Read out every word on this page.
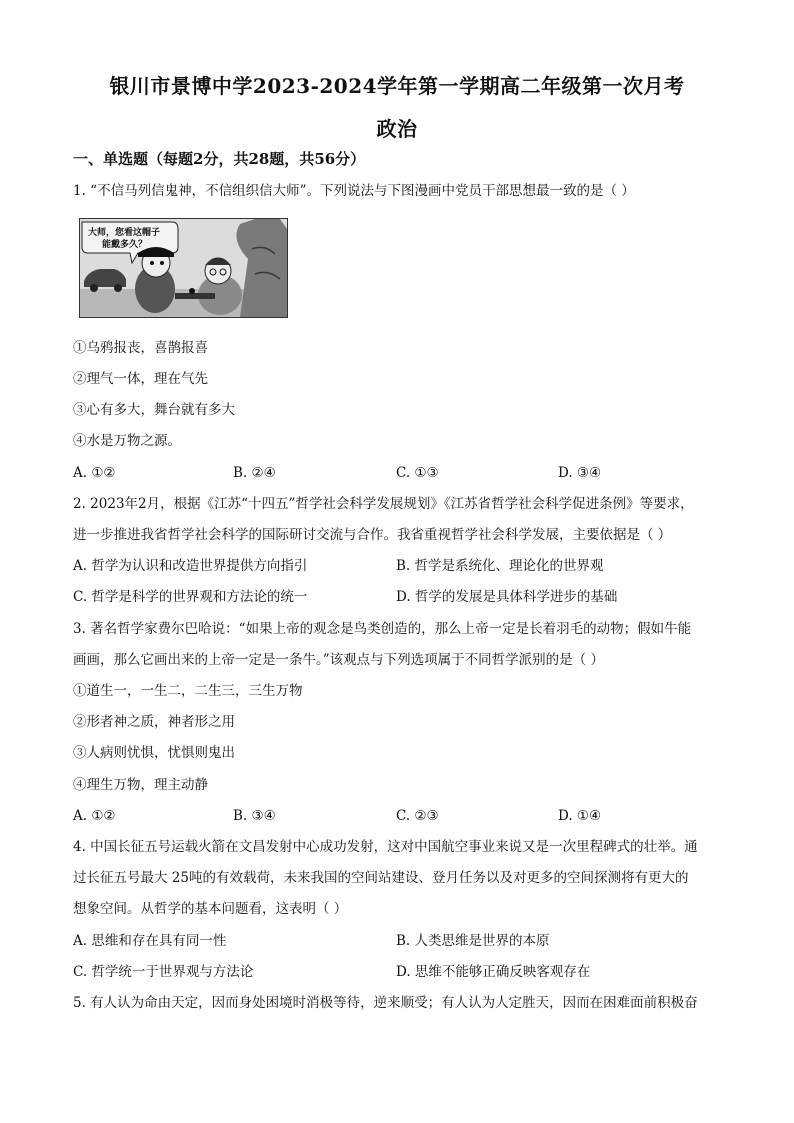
银川市景博中学2023-2024学年第一学期高二年级第一次月考
政治
一、单选题（每题2分，共28题，共56分）
1. “不信马列信鬼神，不信组织信大师”。下列说法与下图漫画中党员干部思想最一致的是（ ）
大师，您看这帽子
能戴多久？
①乌鸦报丧，喜鹊报喜
②理气一体，理在气先
③心有多大，舞台就有多大
④水是万物之源。
A. ①②	B. ②④	C. ①③	D. ③④
2. 2023年2月，根据《江苏“十四五”哲学社会科学发展规划》《江苏省哲学社会科学促进条例》等要求，
进一步推进我省哲学社会科学的国际研讨交流与合作。我省重视哲学社会科学发展，主要依据是（ ）
A. 哲学为认识和改造世界提供方向指引	B. 哲学是系统化、理论化的世界观
C. 哲学是科学的世界观和方法论的统一	D. 哲学的发展是具体科学进步的基础
3. 著名哲学家费尔巴哈说：“如果上帝的观念是鸟类创造的，那么上帝一定是长着羽毛的动物；假如牛能
画画，那么它画出来的上帝一定是一条牛。”该观点与下列选项属于不同哲学派别的是（ ）
①道生一，一生二，二生三，三生万物
②形者神之质，神者形之用
③人病则忧惧，忧惧则鬼出
④理生万物，理主动静
A. ①②	B. ③④	C. ②③	D. ①④
4. 中国长征五号运载火箭在文昌发射中心成功发射，这对中国航空事业来说又是一次里程碑式的壮举。通
过长征五号最大 25吨的有效载荷，未来我国的空间站建设、登月任务以及对更多的空间探测将有更大的
想象空间。从哲学的基本问题看，这表明（ ）
A. 思维和存在具有同一性	B. 人类思维是世界的本原
C. 哲学统一于世界观与方法论	D. 思维不能够正确反映客观存在
5. 有人认为命由天定，因而身处困境时消极等待，逆来顺受；有人认为人定胜天，因而在困难面前积极奋
